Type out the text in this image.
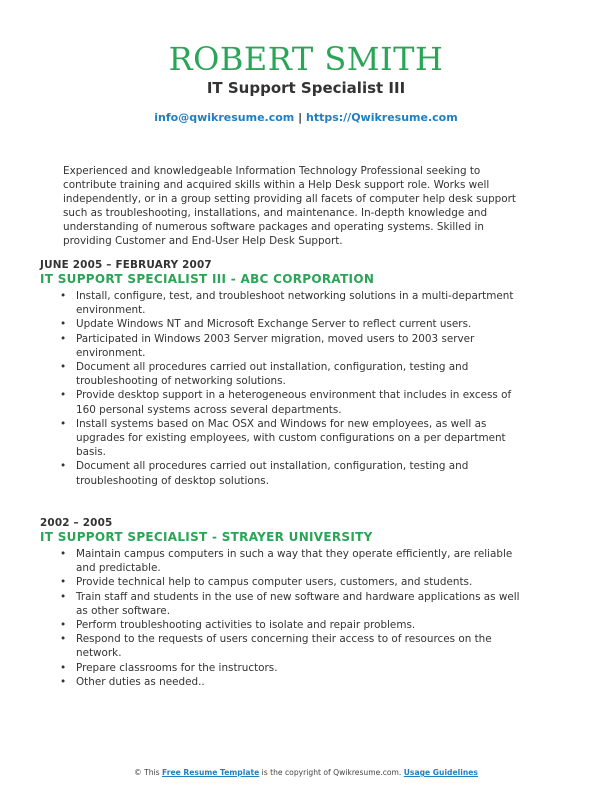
ROBERT SMITH
IT Support Specialist III
info@qwikresume.com | https://Qwikresume.com
Experienced and knowledgeable Information Technology Professional seeking to contribute training and acquired skills within a Help Desk support role. Works well independently, or in a group setting providing all facets of computer help desk support such as troubleshooting, installations, and maintenance. In-depth knowledge and understanding of numerous software packages and operating systems. Skilled in providing Customer and End-User Help Desk Support.
JUNE 2005 – FEBRUARY 2007
IT SUPPORT SPECIALIST III - ABC CORPORATION
• Install, configure, test, and troubleshoot networking solutions in a multi-department environment.
• Update Windows NT and Microsoft Exchange Server to reflect current users.
• Participated in Windows 2003 Server migration, moved users to 2003 server environment.
• Document all procedures carried out installation, configuration, testing and troubleshooting of networking solutions.
• Provide desktop support in a heterogeneous environment that includes in excess of 160 personal systems across several departments.
• Install systems based on Mac OSX and Windows for new employees, as well as upgrades for existing employees, with custom configurations on a per department basis.
• Document all procedures carried out installation, configuration, testing and troubleshooting of desktop solutions.
2002 – 2005
IT SUPPORT SPECIALIST - STRAYER UNIVERSITY
• Maintain campus computers in such a way that they operate efficiently, are reliable and predictable.
• Provide technical help to campus computer users, customers, and students.
• Train staff and students in the use of new software and hardware applications as well as other software.
• Perform troubleshooting activities to isolate and repair problems.
• Respond to the requests of users concerning their access to of resources on the network.
• Prepare classrooms for the instructors.
• Other duties as needed..
© This Free Resume Template is the copyright of Qwikresume.com. Usage Guidelines
